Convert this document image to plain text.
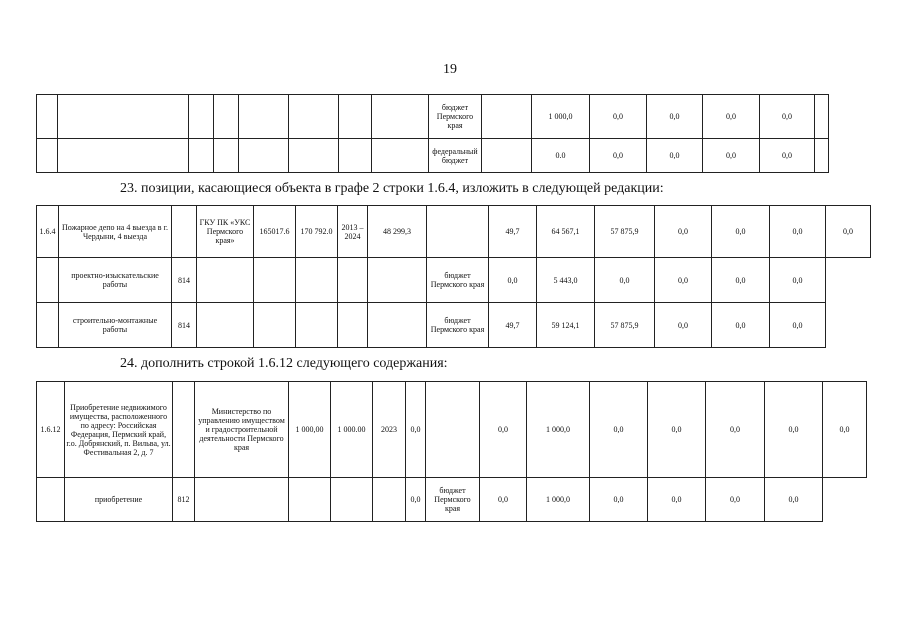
19
								бюджет Пермского края		1 000,0	0,0	0,0	0,0	0,0	
								федеральный бюджет		0.0	0,0	0,0	0,0	0,0	
23. позиции, касающиеся объекта в графе 2 строки 1.6.4, изложить в следующей редакции:
1.6.4	Пожарное депо на 4 выезда в г. Чердыни, 4 выезда		ГКУ ПК «УКС Пермского края»	165017.6	170 792.0	2013 – 2024	48 299,3		49,7	64 567,1	57 875,9	0,0	0,0	0,0	0,0
	проектно-изыскательские работы	814						бюджет Пермского края	0,0	5 443,0	0,0	0,0	0,0	0,0	
	строительно-монтажные работы	814						бюджет Пермского края	49,7	59 124,1	57 875,9	0,0	0,0	0,0	
24. дополнить строкой 1.6.12 следующего содержания:
1.6.12	Приобретение недвижимого имущества, расположенного по адресу: Российская Федерация, Пермский край, г.о. Добрянский, п. Вильва, ул. Фестивальная 2, д. 7		Министерство по управлению имуществом и градостроительной деятельности Пермского края	1 000,00	1 000.00	2023	0,0		0,0	1 000,0	0,0	0,0	0,0	0,0	0,0
	приобретение	812					0,0	бюджет Пермского края	0,0	1 000,0	0,0	0,0	0,0	0,0	
